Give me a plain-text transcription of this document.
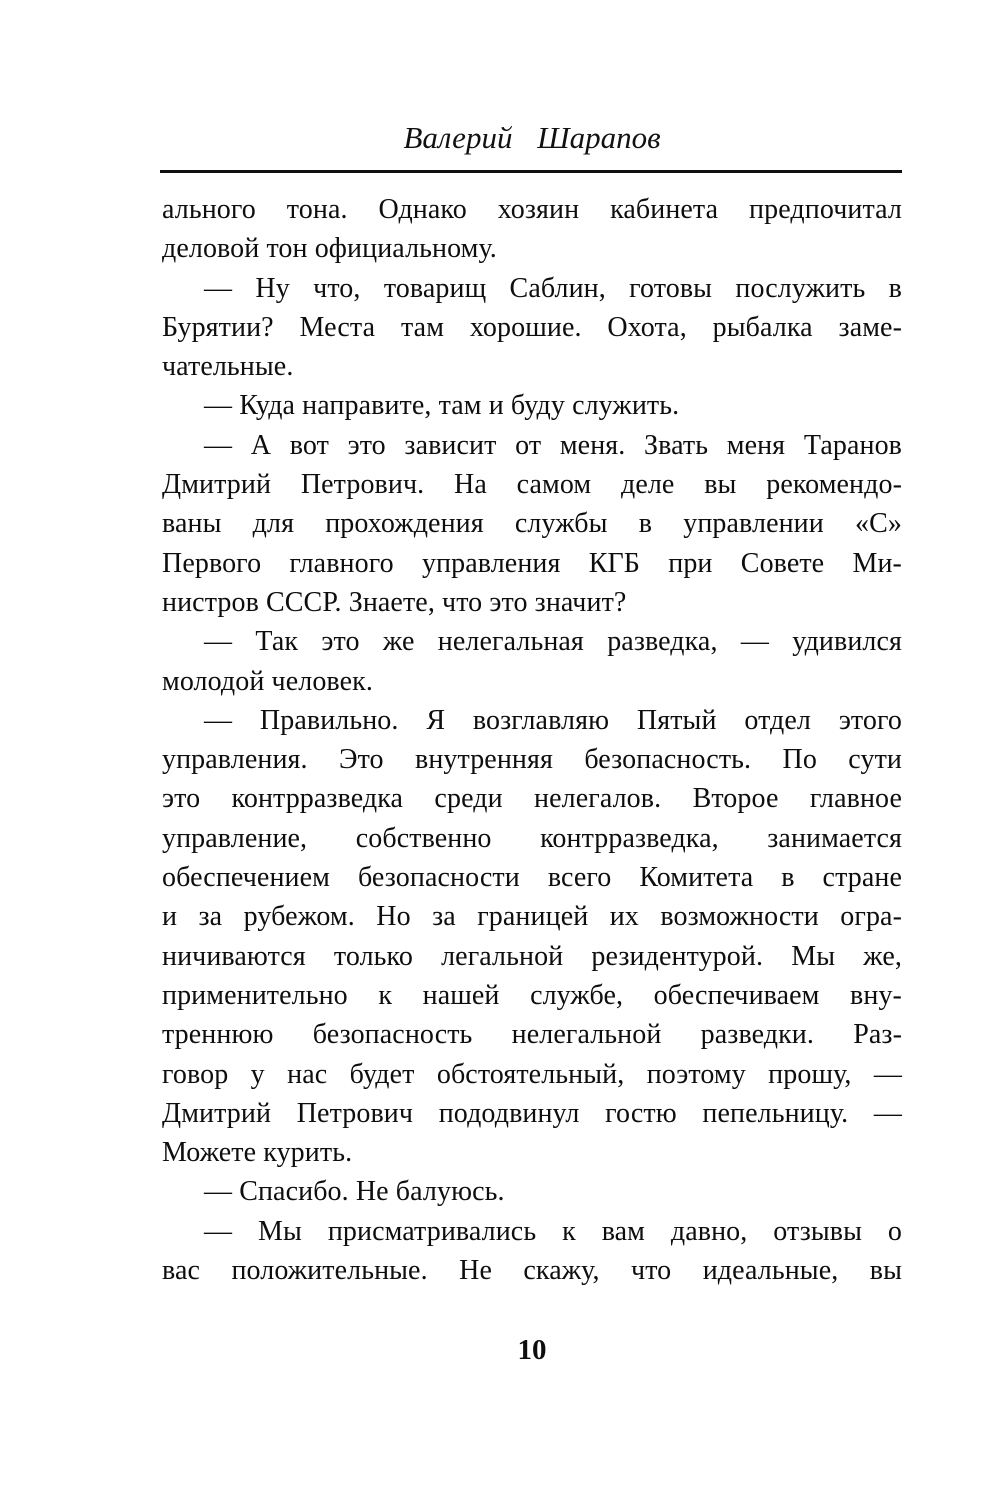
Валерий Шарапов

ального тона. Однако хозяин кабинета предпочитал
деловой тон официальному.

— Ну что, товарищ Саблин, готовы послужить в
Бурятии? Места там хорошие. Охота, рыбалка заме-
чательные.

— Куда направите, там и буду служить.

— А вот это зависит от меня. Звать меня Таранов
Дмитрий Петрович. На самом деле вы рекомендо-
ваны для прохождения службы в управлении «С»
Первого главного управления КГБ при Совете Ми-
нистров СССР. Знаете, что это значит?

— Так это же нелегальная разведка, — удивился
молодой человек.

— Правильно. Я возглавляю Пятый отдел этого
управления. Это внутренняя безопасность. По сути
это контрразведка среди нелегалов. Второе главное
управление, собственно контрразведка, занимается
обеспечением безопасности всего Комитета в стране
и за рубежом. Но за границей их возможности огра-
ничиваются только легальной резидентурой. Мы же,
применительно к нашей службе, обеспечиваем вну-
треннюю безопасность нелегальной разведки. Раз-
говор у нас будет обстоятельный, поэтому прошу, —
Дмитрий Петрович пододвинул гостю пепельницу. —
Можете курить.

— Спасибо. Не балуюсь.

— Мы присматривались к вам давно, отзывы о
вас положительные. Не скажу, что идеальные, вы

10
